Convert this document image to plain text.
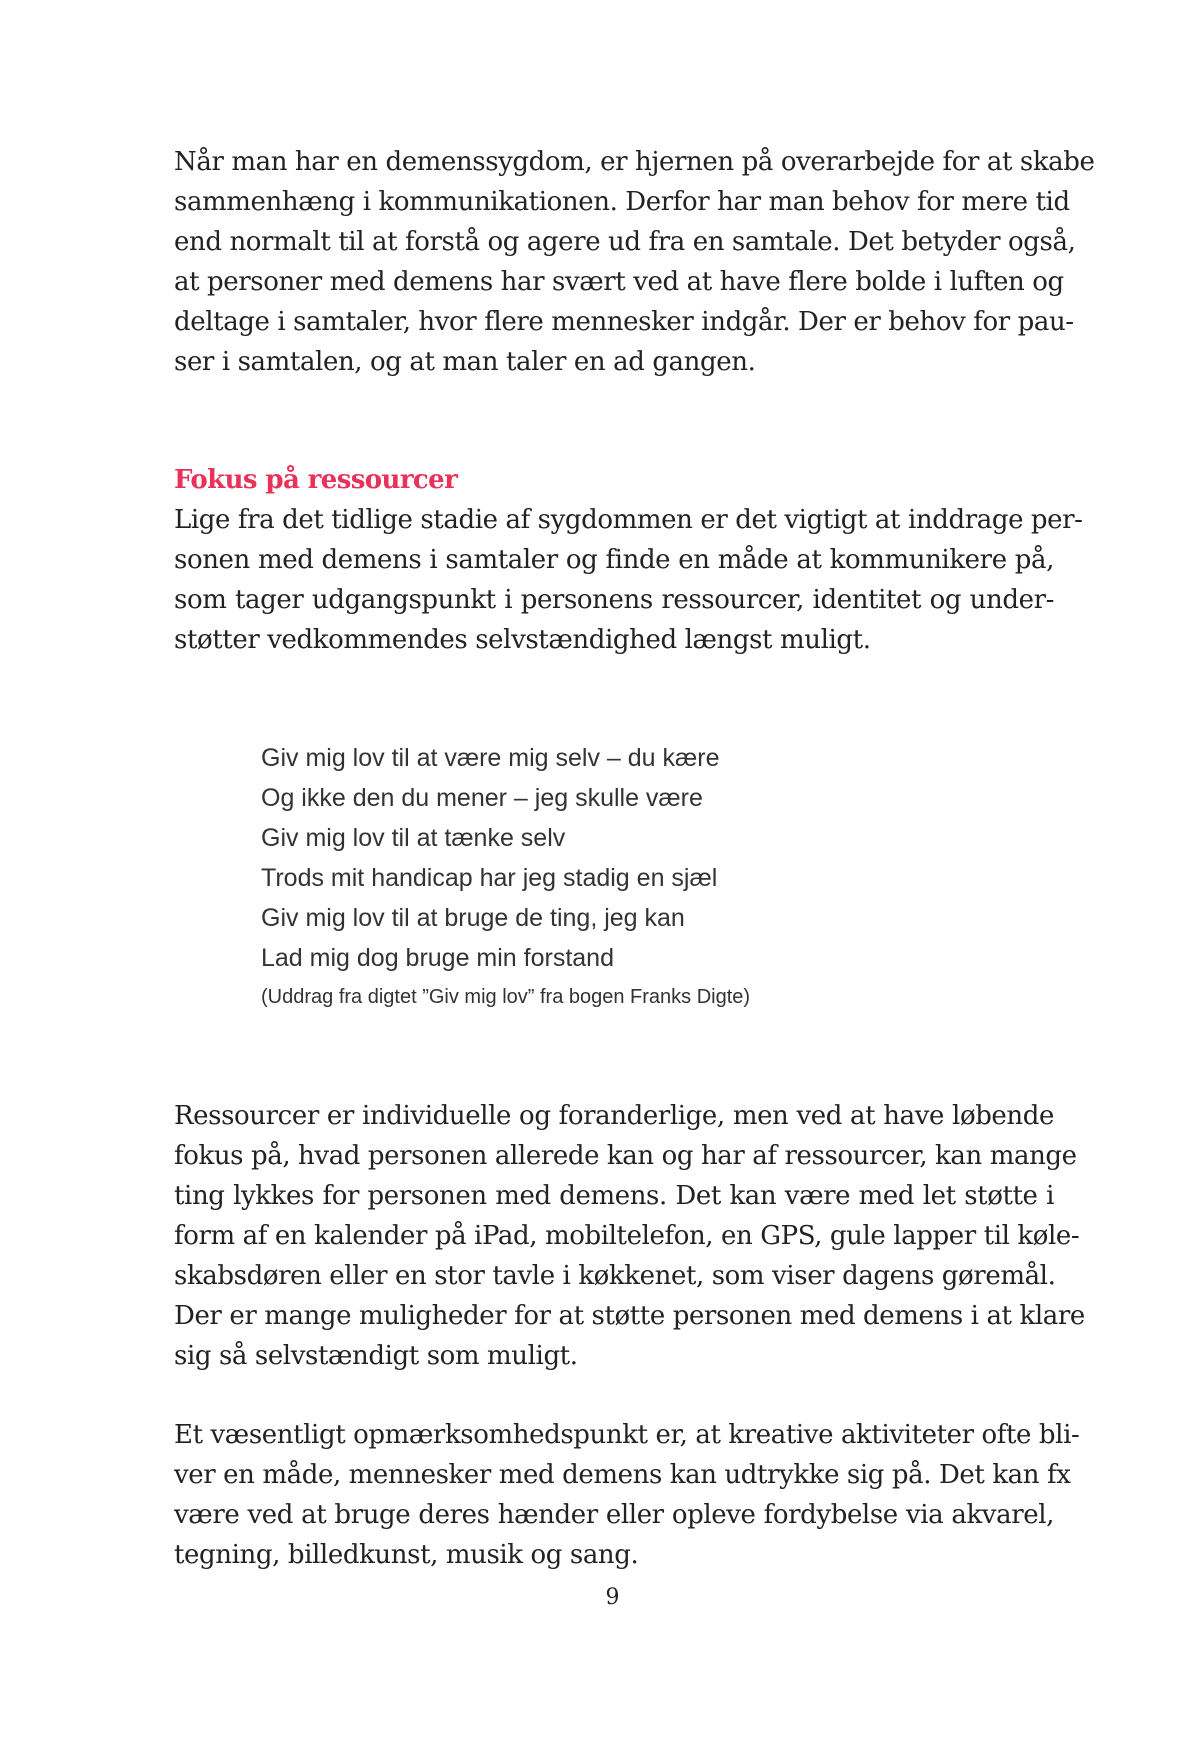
Når man har en demenssygdom, er hjernen på overarbejde for at skabe
sammenhæng i kommunikationen. Derfor har man behov for mere tid
end normalt til at forstå og agere ud fra en samtale. Det betyder også,
at personer med demens har svært ved at have flere bolde i luften og
deltage i samtaler, hvor flere mennesker indgår. Der er behov for pau-
ser i samtalen, og at man taler en ad gangen.

Fokus på ressourcer

Lige fra det tidlige stadie af sygdommen er det vigtigt at inddrage per-
sonen med demens i samtaler og finde en måde at kommunikere på,
som tager udgangspunkt i personens ressourcer, identitet og under-
støtter vedkommendes selvstændighed længst muligt.

Giv mig lov til at være mig selv – du kære
Og ikke den du mener – jeg skulle være
Giv mig lov til at tænke selv
Trods mit handicap har jeg stadig en sjæl
Giv mig lov til at bruge de ting, jeg kan
Lad mig dog bruge min forstand
(Uddrag fra digtet ”Giv mig lov” fra bogen Franks Digte)

Ressourcer er individuelle og foranderlige, men ved at have løbende
fokus på, hvad personen allerede kan og har af ressourcer, kan mange
ting lykkes for personen med demens. Det kan være med let støtte i
form af en kalender på iPad, mobiltelefon, en GPS, gule lapper til køle-
skabsdøren eller en stor tavle i køkkenet, som viser dagens gøremål.
Der er mange muligheder for at støtte personen med demens i at klare
sig så selvstændigt som muligt.

Et væsentligt opmærksomhedspunkt er, at kreative aktiviteter ofte bli-
ver en måde, mennesker med demens kan udtrykke sig på. Det kan fx
være ved at bruge deres hænder eller opleve fordybelse via akvarel,
tegning, billedkunst, musik og sang.

9
